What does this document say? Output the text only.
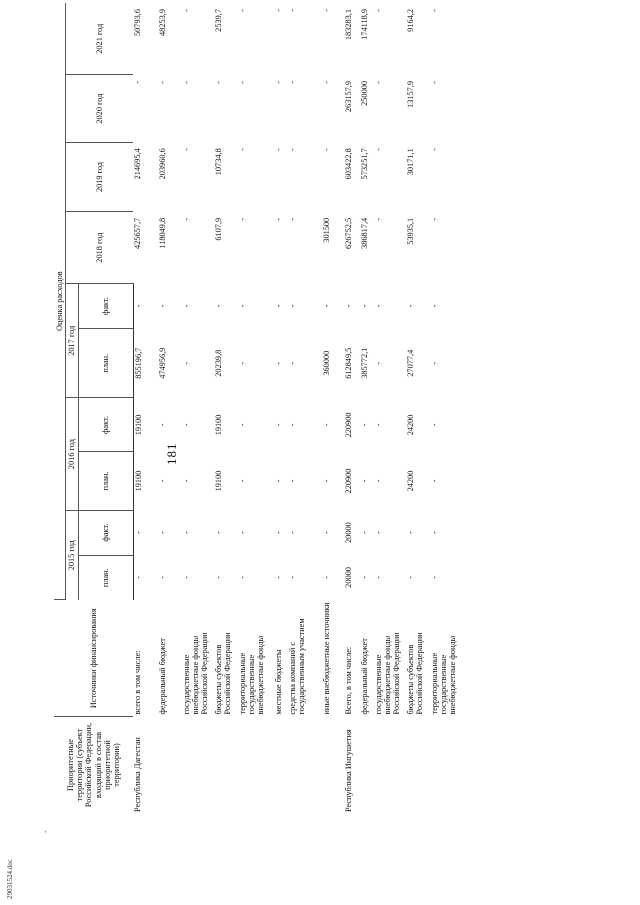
29031524.doc
.
181
Приоритетные территории (субъект Российской Федерации, входящий в состав приоритетной территории)	Источники финансирования	Оценка расходов									
		2015 год		2016 год		2017 год		2018 год	2019 год	2020 год	2021 год
		план.	факт.	план.	факт.	план.	факт.				
Республика Дагестан	всего в том числе:	-	-	19100	19100	855196,7	-	425657,7	214695,4	-	50793,6
	федеральный бюджет	-	-	-	-	474956,9	-	118049,8	203960,6	-	48253,9
	государственные внебюджетные фонды Российской Федерации	-	-	-	-	-	-	-	-	-	-
	бюджеты субъектов Российской Федерации	-	-	19100	19100	20239,8	-	6107,9	10734,8	-	2539,7
	территориальные государственные внебюджетные фонды	-	-	-	-	-	-	-	-	-	-
	местные бюджеты	-	-	-	-	-	-	-	-	-	-
	средства компаний с государственным участием	-	-	-	-	-	-	-	-	-	-
	иные внебюджетные источники	-	-	-	-	360000	-	301500	-	-	-
Республика Ингушетия	Всего, в том числе:	20000	20000	220900	220900	612849,5	-	626752,5	603422,8	263157,9	183283,1
	федеральный бюджет	-	-	-	-	385772,1	-	386817,4	573251,7	250000	174118,9
	государственные внебюджетные фонды Российской Федерации	-	-	-	-	-	-	-	-	-	-
	бюджеты субъектов Российской Федерации	-	-	24200	24200	27077,4	-	53935,1	30171,1	13157,9	9164,2
	территориальные государственные внебюджетные фонды	-	-	-	-	-	-	-	-	-	-
